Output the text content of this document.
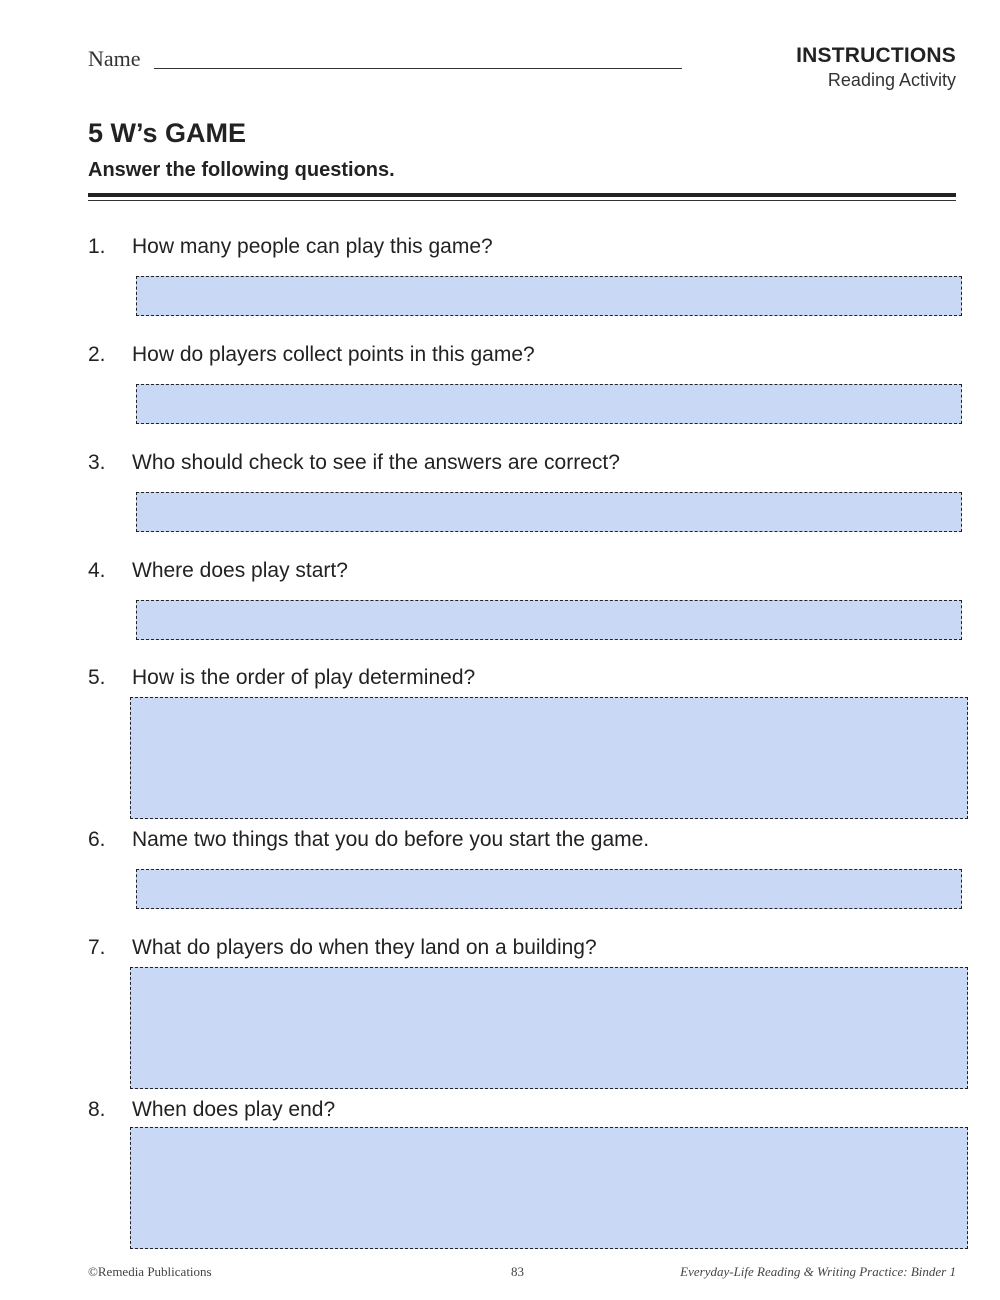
Name	INSTRUCTIONS
Reading Activity
5 W’s GAME
Answer the following questions.
1. How many people can play this game?
2. How do players collect points in this game?
3. Who should check to see if the answers are correct?
4. Where does play start?
5. How is the order of play determined?
6. Name two things that you do before you start the game.
7. What do players do when they land on a building?
8. When does play end?
©Remedia Publications	83	Everyday-Life Reading & Writing Practice: Binder 1
